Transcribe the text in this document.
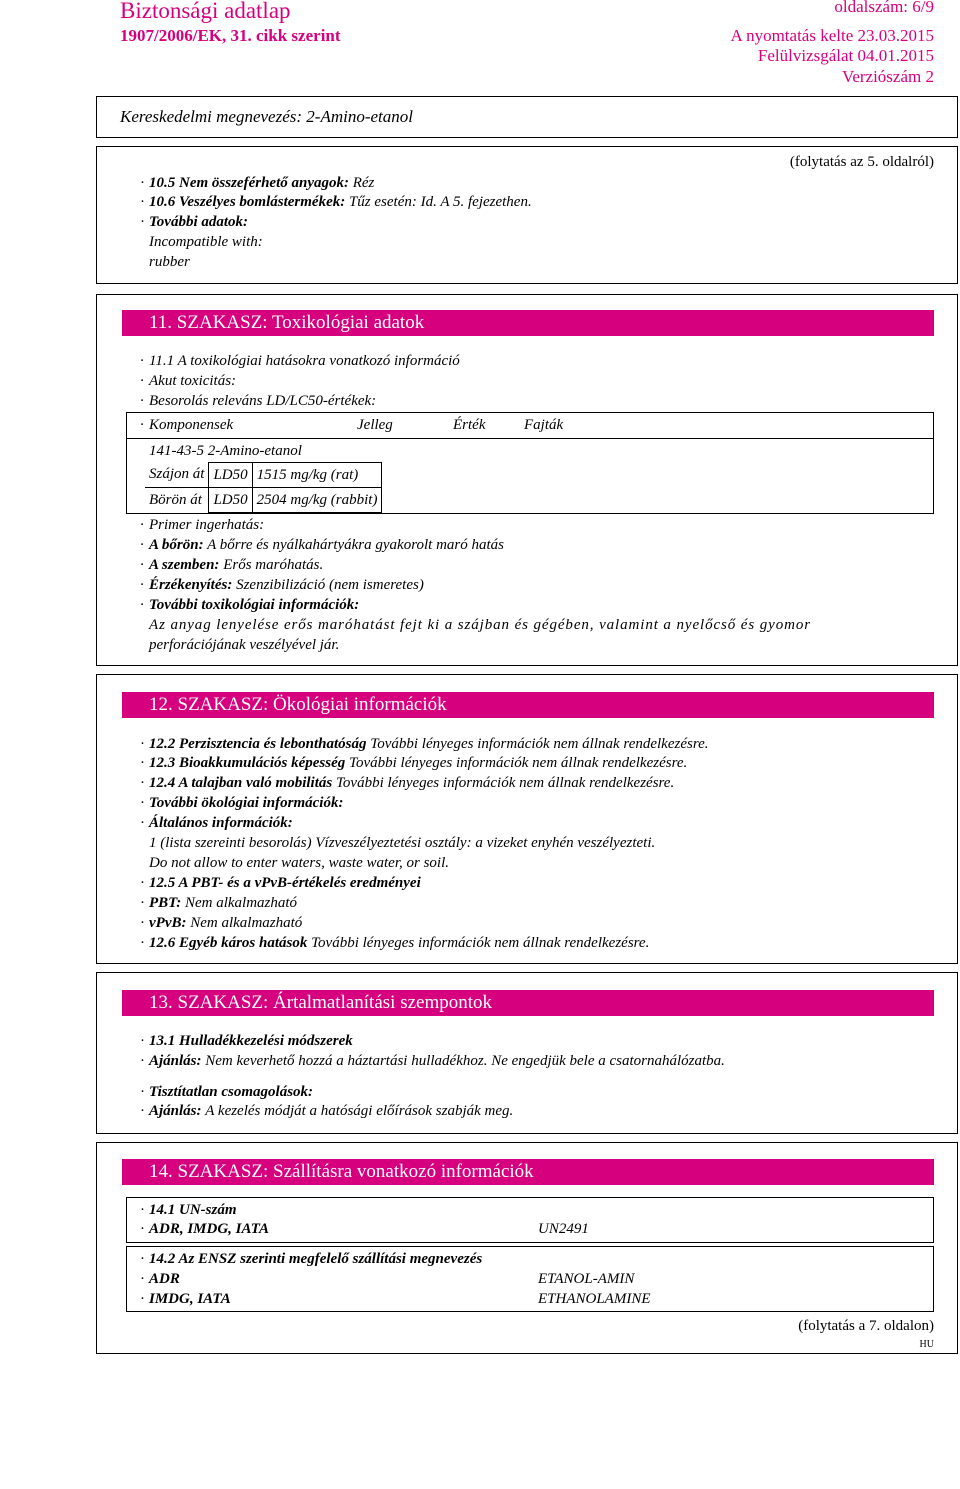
Biztonsági adatlap
1907/2006/EK, 31. cikk szerint
oldalszám: 6/9
A nyomtatás kelte 23.03.2015
Felülvizsgálat 04.01.2015
Verziószám 2
Kereskedelmi megnevezés: 2-Amino-etanol
(folytatás az 5. oldalról)
· 10.5 Nem összeférhető anyagok: Réz
· 10.6 Veszélyes bomlástermékek: Tűz esetén: Id. A 5. fejezethen.
· További adatok:
Incompatible with:
rubber
11. SZAKASZ: Toxikológiai adatok
· 11.1 A toxikológiai hatásokra vonatkozó információ
· Akut toxicitás:
· Besorolás releváns LD/LC50-értékek:
· Komponensek	Jelleg	Érték	Fajták
141-43-5 2-Amino-etanol
Szájon át	LD50	1515 mg/kg (rat)
Börön át	LD50	2504 mg/kg (rabbit)
· Primer ingerhatás:
· A bőrön: A bőrre és nyálkahártyákra gyakorolt maró hatás
· A szemben: Erős maróhatás.
· Érzékenyítés: Szenzibilizáció (nem ismeretes)
· További toxikológiai információk:
Az anyag lenyelése erős maróhatást fejt ki a szájban és gégében, valamint a nyelőcső és gyomor
perforációjának veszélyével jár.
12. SZAKASZ: Ökológiai információk
· 12.2 Perzisztencia és lebonthatóság További lényeges információk nem állnak rendelkezésre.
· 12.3 Bioakkumulációs képesség További lényeges információk nem állnak rendelkezésre.
· 12.4 A talajban való mobilitás További lényeges információk nem állnak rendelkezésre.
· További ökológiai információk:
· Általános információk:
1 (lista szereinti besorolás) Vízveszélyeztetési osztály: a vizeket enyhén veszélyezteti.
Do not allow to enter waters, waste water, or soil.
· 12.5 A PBT- és a vPvB-értékelés eredményei
· PBT: Nem alkalmazható
· vPvB: Nem alkalmazható
· 12.6 Egyéb káros hatások További lényeges információk nem állnak rendelkezésre.
13. SZAKASZ: Ártalmatlanítási szempontok
· 13.1 Hulladékkezelési módszerek
· Ajánlás: Nem keverhető hozzá a háztartási hulladékhoz. Ne engedjük bele a csatornahálózatba.
· Tisztítatlan csomagolások:
· Ajánlás: A kezelés módját a hatósági előírások szabják meg.
14. SZAKASZ: Szállításra vonatkozó információk
· 14.1 UN-szám
· ADR, IMDG, IATA	UN2491
· 14.2 Az ENSZ szerinti megfelelő szállítási megnevezés
· ADR	ETANOL-AMIN
· IMDG, IATA	ETHANOLAMINE
(folytatás a 7. oldalon)
HU
